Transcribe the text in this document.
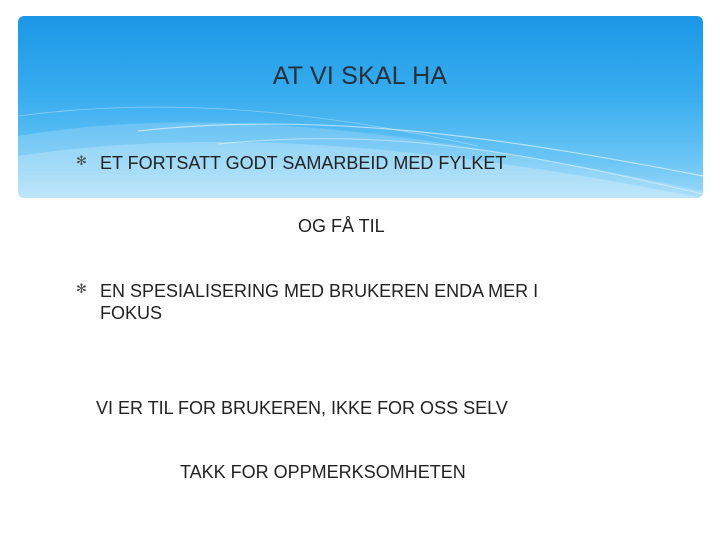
AT VI SKAL HA
✻ ET FORTSATT GODT SAMARBEID MED FYLKET
OG FÅ TIL
✻ EN SPESIALISERING MED BRUKEREN ENDA MER I
FOKUS
VI ER TIL FOR BRUKEREN, IKKE FOR OSS SELV
TAKK FOR OPPMERKSOMHETEN
